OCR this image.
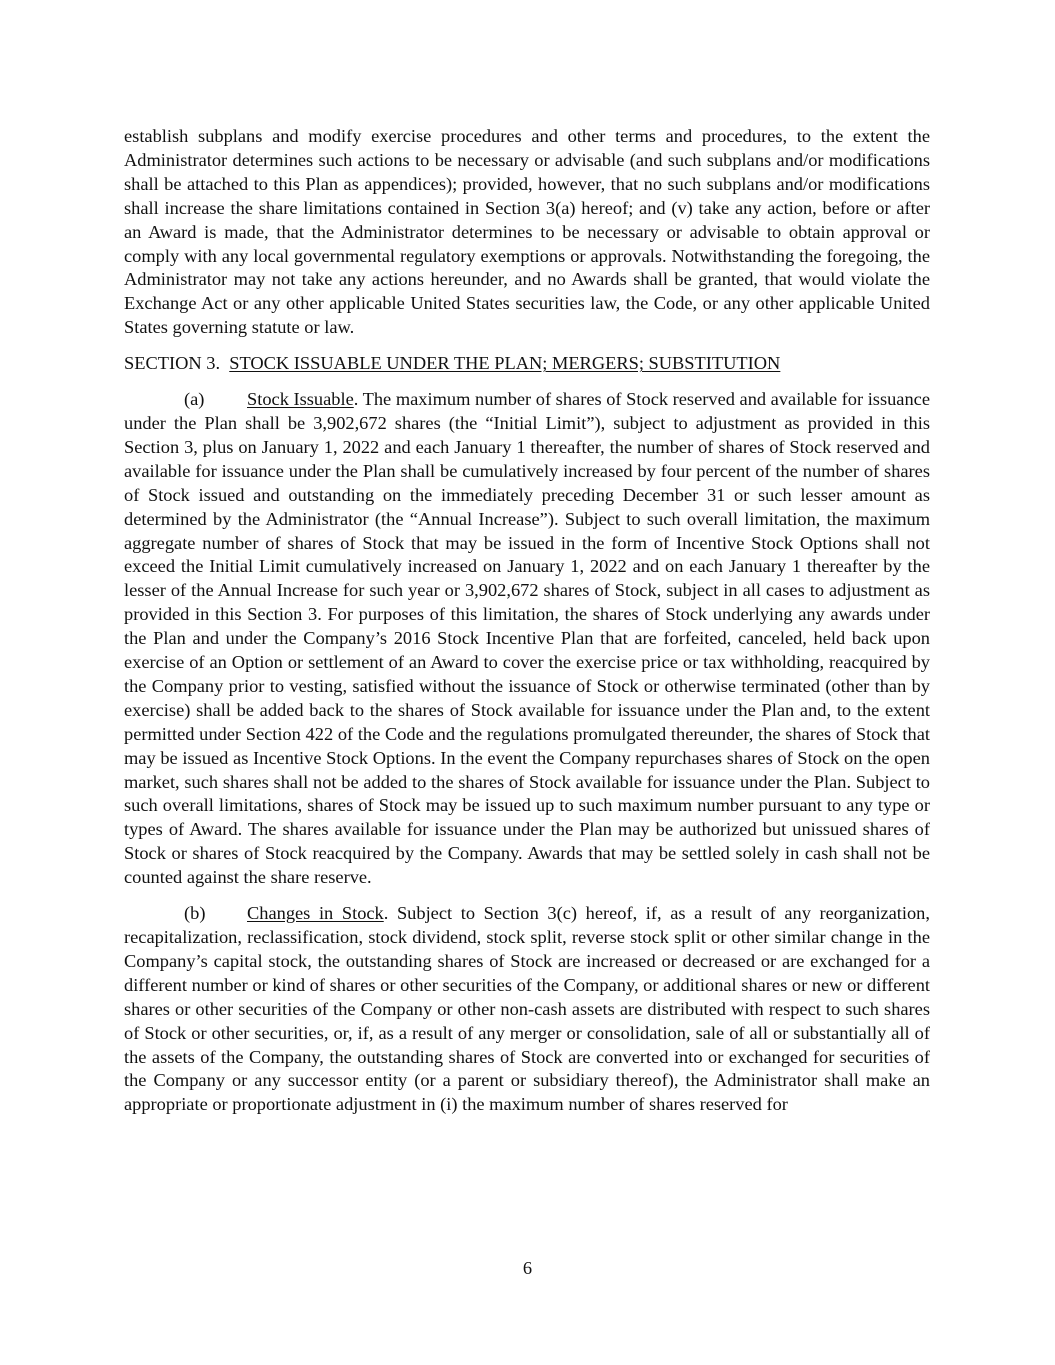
establish subplans and modify exercise procedures and other terms and procedures, to the extent the Administrator determines such actions to be necessary or advisable (and such subplans and/or modifications shall be attached to this Plan as appendices); provided, however, that no such subplans and/or modifications shall increase the share limitations contained in Section 3(a) hereof; and (v) take any action, before or after an Award is made, that the Administrator determines to be necessary or advisable to obtain approval or comply with any local governmental regulatory exemptions or approvals. Notwithstanding the foregoing, the Administrator may not take any actions hereunder, and no Awards shall be granted, that would violate the Exchange Act or any other applicable United States securities law, the Code, or any other applicable United States governing statute or law.

SECTION 3. STOCK ISSUABLE UNDER THE PLAN; MERGERS; SUBSTITUTION

(a) Stock Issuable. The maximum number of shares of Stock reserved and available for issuance under the Plan shall be 3,902,672 shares (the “Initial Limit”), subject to adjustment as provided in this Section 3, plus on January 1, 2022 and each January 1 thereafter, the number of shares of Stock reserved and available for issuance under the Plan shall be cumulatively increased by four percent of the number of shares of Stock issued and outstanding on the immediately preceding December 31 or such lesser amount as determined by the Administrator (the “Annual Increase”). Subject to such overall limitation, the maximum aggregate number of shares of Stock that may be issued in the form of Incentive Stock Options shall not exceed the Initial Limit cumulatively increased on January 1, 2022 and on each January 1 thereafter by the lesser of the Annual Increase for such year or 3,902,672 shares of Stock, subject in all cases to adjustment as provided in this Section 3. For purposes of this limitation, the shares of Stock underlying any awards under the Plan and under the Company’s 2016 Stock Incentive Plan that are forfeited, canceled, held back upon exercise of an Option or settlement of an Award to cover the exercise price or tax withholding, reacquired by the Company prior to vesting, satisfied without the issuance of Stock or otherwise terminated (other than by exercise) shall be added back to the shares of Stock available for issuance under the Plan and, to the extent permitted under Section 422 of the Code and the regulations promulgated thereunder, the shares of Stock that may be issued as Incentive Stock Options. In the event the Company repurchases shares of Stock on the open market, such shares shall not be added to the shares of Stock available for issuance under the Plan. Subject to such overall limitations, shares of Stock may be issued up to such maximum number pursuant to any type or types of Award. The shares available for issuance under the Plan may be authorized but unissued shares of Stock or shares of Stock reacquired by the Company. Awards that may be settled solely in cash shall not be counted against the share reserve.

(b) Changes in Stock. Subject to Section 3(c) hereof, if, as a result of any reorganization, recapitalization, reclassification, stock dividend, stock split, reverse stock split or other similar change in the Company’s capital stock, the outstanding shares of Stock are increased or decreased or are exchanged for a different number or kind of shares or other securities of the Company, or additional shares or new or different shares or other securities of the Company or other non-cash assets are distributed with respect to such shares of Stock or other securities, or, if, as a result of any merger or consolidation, sale of all or substantially all of the assets of the Company, the outstanding shares of Stock are converted into or exchanged for securities of the Company or any successor entity (or a parent or subsidiary thereof), the Administrator shall make an appropriate or proportionate adjustment in (i) the maximum number of shares reserved for

6
